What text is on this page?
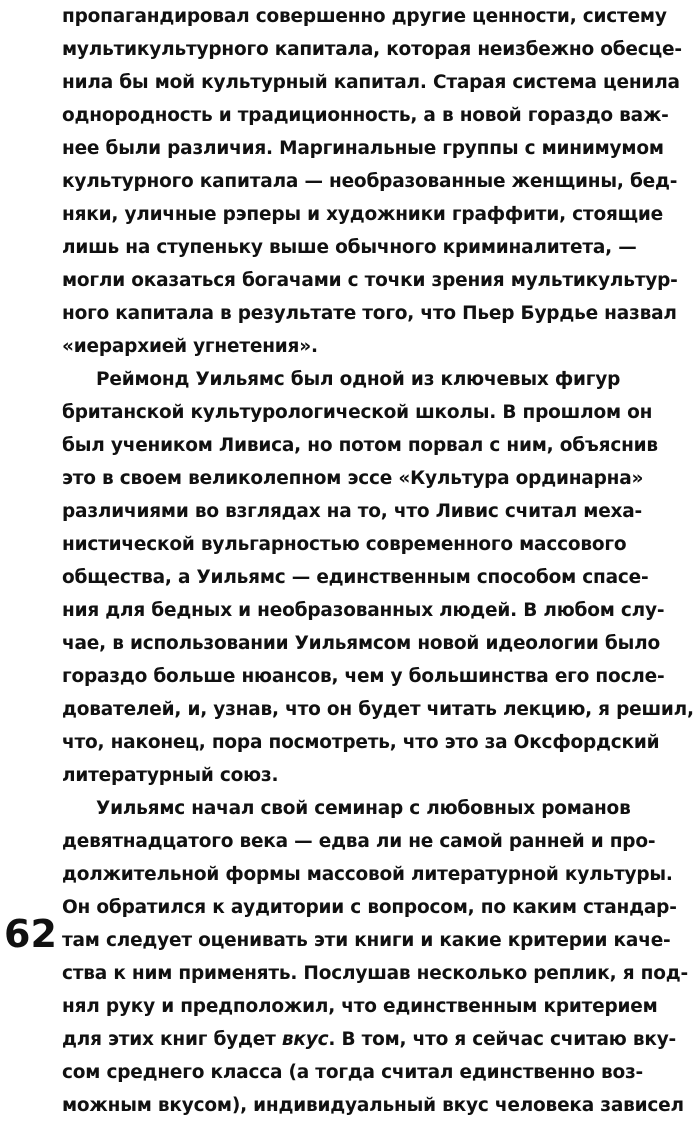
пропагандировал совершенно другие ценности, систему
мультикультурного капитала, которая неизбежно обесце-
нила бы мой культурный капитал. Старая система ценила
однородность и традиционность, а в новой гораздо важ-
нее были различия. Маргинальные группы с минимумом
культурного капитала — необразованные женщины, бед-
няки, уличные рэперы и художники граффити, стоящие
лишь на ступеньку выше обычного криминалитета, —
могли оказаться богачами с точки зрения мультикультур-
ного капитала в результате того, что Пьер Бурдье назвал
«иерархией угнетения».
Реймонд Уильямс был одной из ключевых фигур
британской культурологической школы. В прошлом он
был учеником Ливиса, но потом порвал с ним, объяснив
это в своем великолепном эссе «Культура ординарна»
различиями во взглядах на то, что Ливис считал меха-
нистической вульгарностью современного массового
общества, а Уильямс — единственным способом спасе-
ния для бедных и необразованных людей. В любом слу-
чае, в использовании Уильямсом новой идеологии было
гораздо больше нюансов, чем у большинства его после-
дователей, и, узнав, что он будет читать лекцию, я решил,
что, наконец, пора посмотреть, что это за Оксфордский
литературный союз.
Уильямс начал свой семинар с любовных романов
девятнадцатого века — едва ли не самой ранней и про-
должительной формы массовой литературной культуры.
Он обратился к аудитории с вопросом, по каким стандар-
там следует оценивать эти книги и какие критерии каче-
ства к ним применять. Послушав несколько реплик, я под-
нял руку и предположил, что единственным критерием
для этих книг будет вкус. В том, что я сейчас считаю вку-
сом среднего класса (а тогда считал единственно воз-
можным вкусом), индивидуальный вкус человека зависел
62
